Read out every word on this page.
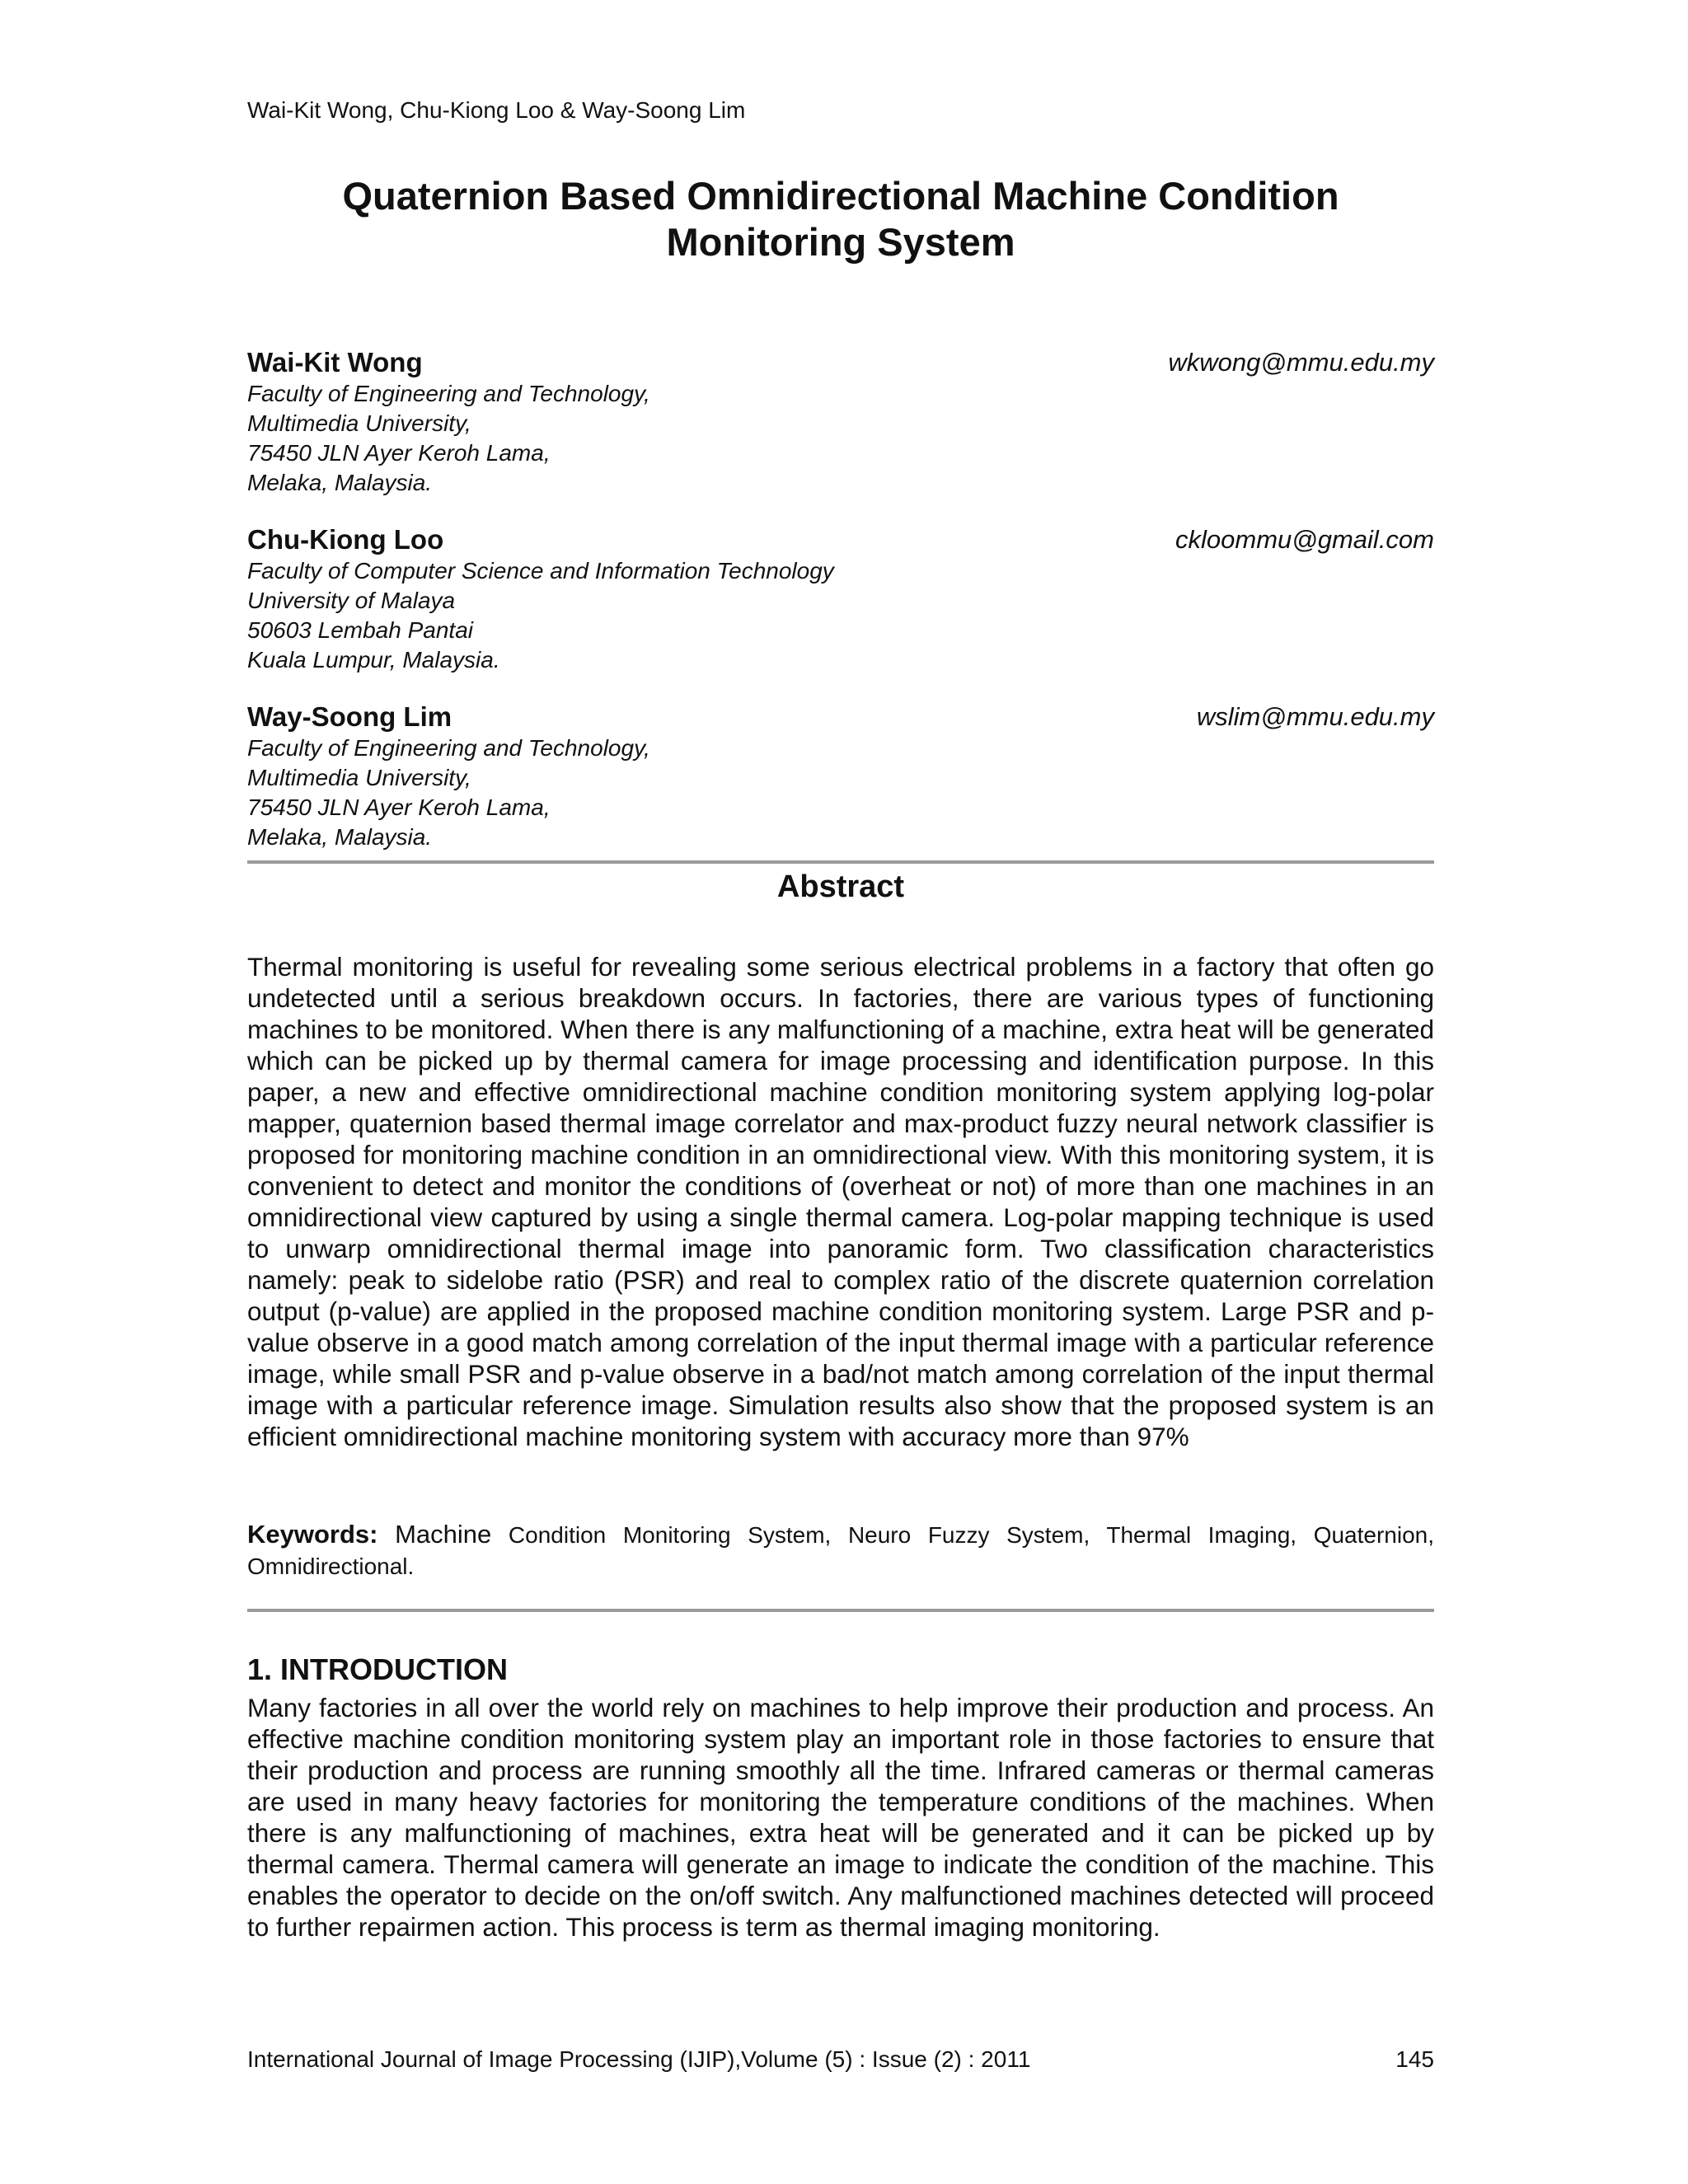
Wai-Kit Wong, Chu-Kiong Loo & Way-Soong Lim
Quaternion Based Omnidirectional Machine Condition
Monitoring System
Wai-Kit Wong	wkwong@mmu.edu.my
Faculty of Engineering and Technology,
Multimedia University,
75450 JLN Ayer Keroh Lama,
Melaka, Malaysia.
Chu-Kiong Loo	ckloommu@gmail.com
Faculty of Computer Science and Information Technology
University of Malaya
50603 Lembah Pantai
Kuala Lumpur, Malaysia.
Way-Soong Lim	wslim@mmu.edu.my
Faculty of Engineering and Technology,
Multimedia University,
75450 JLN Ayer Keroh Lama,
Melaka, Malaysia.
Abstract
Thermal monitoring is useful for revealing some serious electrical problems in a factory that often go undetected until a serious breakdown occurs. In factories, there are various types of functioning machines to be monitored. When there is any malfunctioning of a machine, extra heat will be generated which can be picked up by thermal camera for image processing and identification purpose. In this paper, a new and effective omnidirectional machine condition monitoring system applying log-polar mapper, quaternion based thermal image correlator and max-product fuzzy neural network classifier is proposed for monitoring machine condition in an omnidirectional view. With this monitoring system, it is convenient to detect and monitor the conditions of (overheat or not) of more than one machines in an omnidirectional view captured by using a single thermal camera. Log-polar mapping technique is used to unwarp omnidirectional thermal image into panoramic form. Two classification characteristics namely: peak to sidelobe ratio (PSR) and real to complex ratio of the discrete quaternion correlation output (p-value) are applied in the proposed machine condition monitoring system. Large PSR and p-value observe in a good match among correlation of the input thermal image with a particular reference image, while small PSR and p-value observe in a bad/not match among correlation of the input thermal image with a particular reference image. Simulation results also show that the proposed system is an efficient omnidirectional machine monitoring system with accuracy more than 97%
Keywords: Machine Condition Monitoring System, Neuro Fuzzy System, Thermal Imaging, Quaternion, Omnidirectional.
1. INTRODUCTION
Many factories in all over the world rely on machines to help improve their production and process. An effective machine condition monitoring system play an important role in those factories to ensure that their production and process are running smoothly all the time. Infrared cameras or thermal cameras are used in many heavy factories for monitoring the temperature conditions of the machines. When there is any malfunctioning of machines, extra heat will be generated and it can be picked up by thermal camera. Thermal camera will generate an image to indicate the condition of the machine. This enables the operator to decide on the on/off switch. Any malfunctioned machines detected will proceed to further repairmen action. This process is term as thermal imaging monitoring.
International Journal of Image Processing (IJIP),Volume (5) : Issue (2) : 2011	145
